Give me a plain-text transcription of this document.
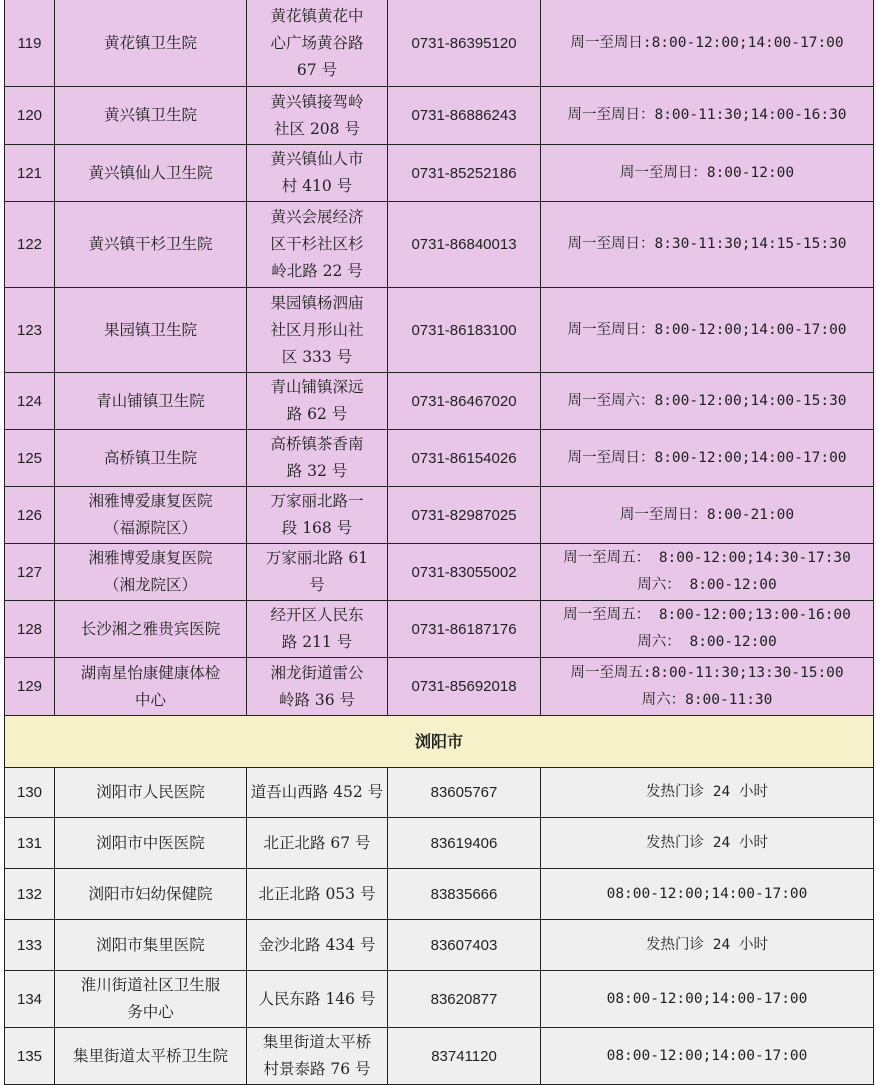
119	黄花镇卫生院	黄花镇黄花中
心广场黄谷路
67 号	0731-86395120	周一至周日:8:00-12:00;14:00-17:00
120	黄兴镇卫生院	黄兴镇接驾岭
社区 208 号	0731-86886243	周一至周日：8:00-11:30;14:00-16:30
121	黄兴镇仙人卫生院	黄兴镇仙人市
村 410 号	0731-85252186	周一至周日：8:00-12:00
122	黄兴镇干杉卫生院	黄兴会展经济
区干杉社区杉
岭北路 22 号	0731-86840013	周一至周日：8:30-11:30;14:15-15:30
123	果园镇卫生院	果园镇杨泗庙
社区月形山社
区 333 号	0731-86183100	周一至周日：8:00-12:00;14:00-17:00
124	青山铺镇卫生院	青山铺镇深远
路 62 号	0731-86467020	周一至周六：8:00-12:00;14:00-15:30
125	高桥镇卫生院	高桥镇茶香南
路 32 号	0731-86154026	周一至周日：8:00-12:00;14:00-17:00
126	湘雅博爱康复医院
（福源院区）	万家丽北路一
段 168 号	0731-82987025	周一至周日：8:00-21:00
127	湘雅博爱康复医院
（湘龙院区）	万家丽北路 61
号	0731-83055002	周一至周五： 8:00-12:00;14:30-17:30
周六： 8:00-12:00
128	长沙湘之雅贵宾医院	经开区人民东
路 211 号	0731-86187176	周一至周五： 8:00-12:00;13:00-16:00
周六： 8:00-12:00
129	湖南星怡康健康体检
中心	湘龙街道雷公
岭路 36 号	0731-85692018	周一至周五:8:00-11:30;13:30-15:00
周六：8:00-11:30
浏阳市				
130	浏阳市人民医院	道吾山西路 452 号	83605767	发热门诊 24 小时
131	浏阳市中医医院	北正北路 67 号	83619406	发热门诊 24 小时
132	浏阳市妇幼保健院	北正北路 053 号	83835666	08:00-12:00;14:00-17:00
133	浏阳市集里医院	金沙北路 434 号	83607403	发热门诊 24 小时
134	淮川街道社区卫生服
务中心	人民东路 146 号	83620877	08:00-12:00;14:00-17:00
135	集里街道太平桥卫生院	集里街道太平桥
村景泰路 76 号	83741120	08:00-12:00;14:00-17:00
